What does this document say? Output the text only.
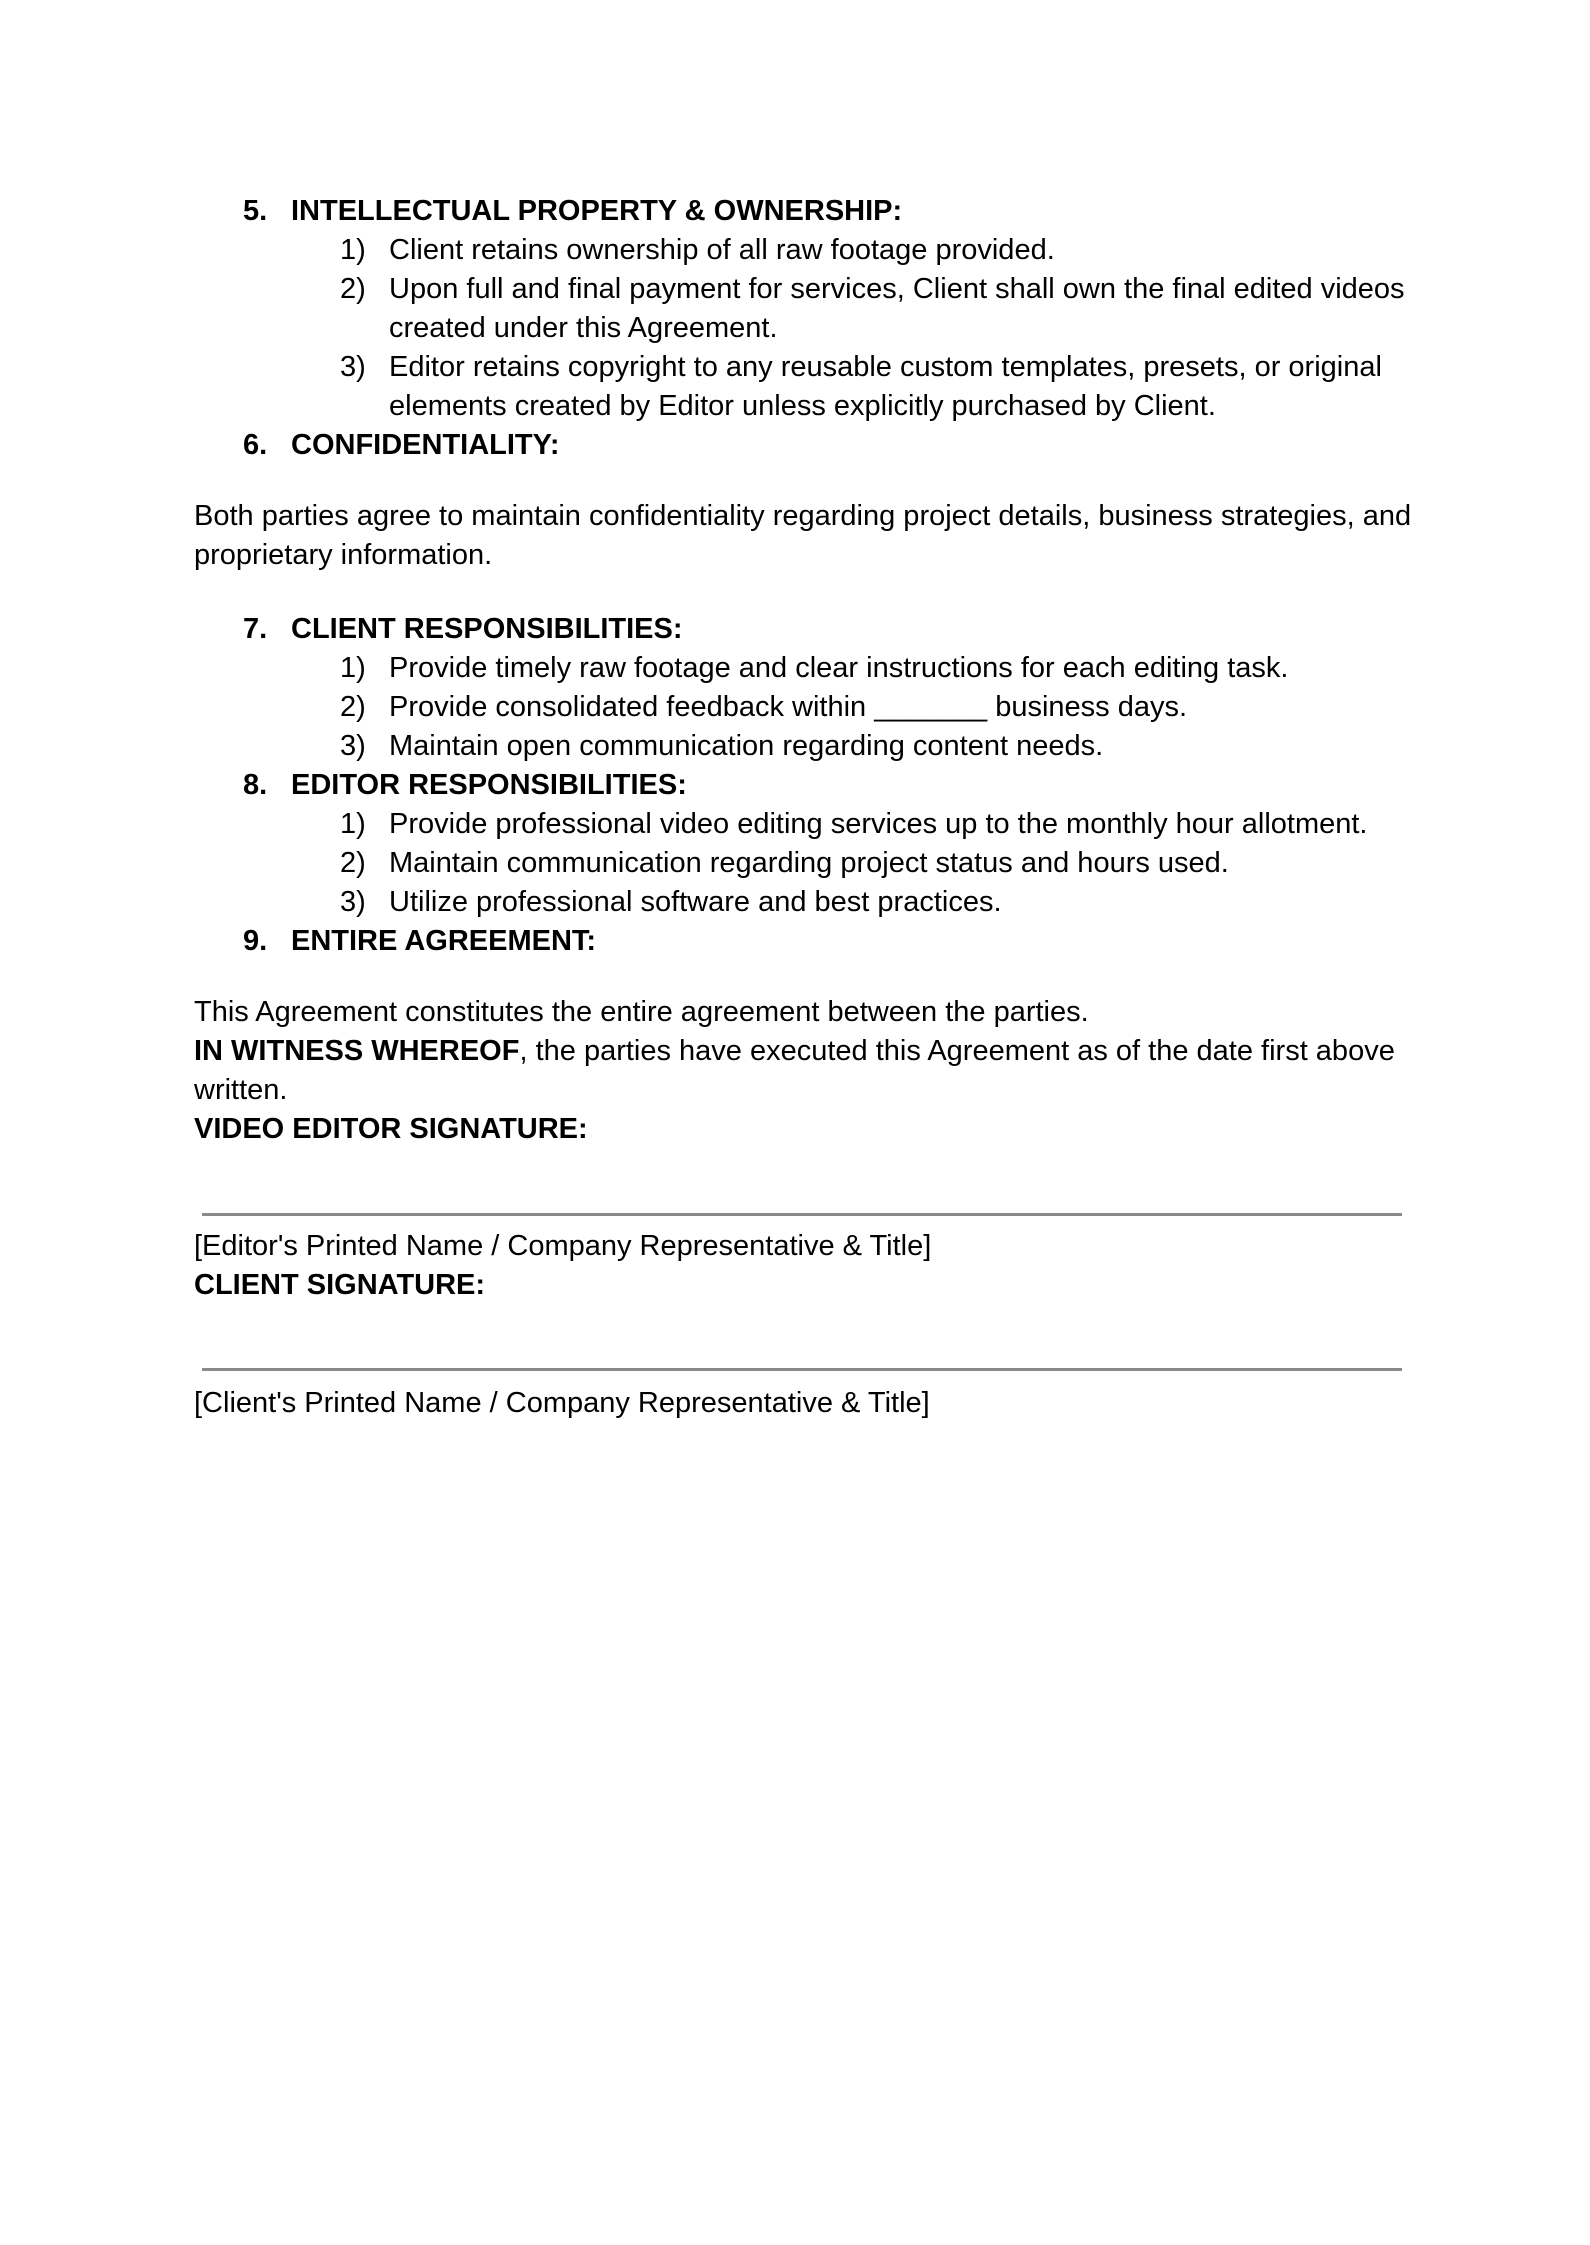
5. INTELLECTUAL PROPERTY & OWNERSHIP:
1) Client retains ownership of all raw footage provided.
2) Upon full and final payment for services, Client shall own the final edited videos created under this Agreement.
3) Editor retains copyright to any reusable custom templates, presets, or original elements created by Editor unless explicitly purchased by Client.
6. CONFIDENTIALITY:
Both parties agree to maintain confidentiality regarding project details, business strategies, and proprietary information.
7. CLIENT RESPONSIBILITIES:
1) Provide timely raw footage and clear instructions for each editing task.
2) Provide consolidated feedback within _______ business days.
3) Maintain open communication regarding content needs.
8. EDITOR RESPONSIBILITIES:
1) Provide professional video editing services up to the monthly hour allotment.
2) Maintain communication regarding project status and hours used.
3) Utilize professional software and best practices.
9. ENTIRE AGREEMENT:
This Agreement constitutes the entire agreement between the parties.
IN WITNESS WHEREOF, the parties have executed this Agreement as of the date first above written.
VIDEO EDITOR SIGNATURE:
[Editor's Printed Name / Company Representative & Title]
CLIENT SIGNATURE:
[Client's Printed Name / Company Representative & Title]
